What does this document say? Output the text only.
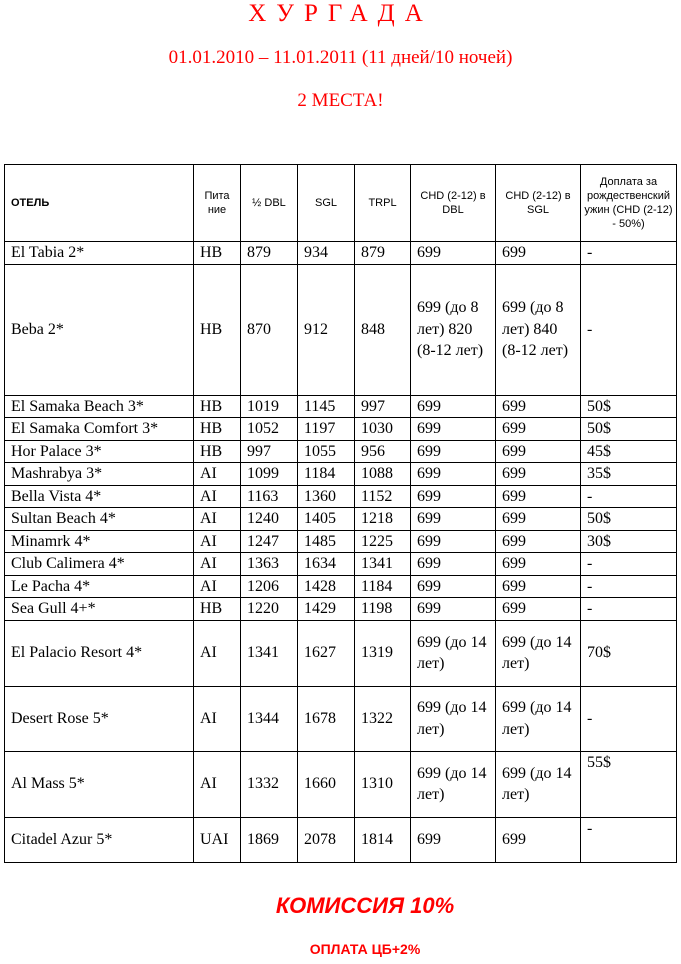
ХУРГАДА
01.01.2010 – 11.01.2011 (11 дней/10 ночей)
2 МЕСТА!
ОТЕЛЬ	Пита ние	½ DBL	SGL	TRPL	CHD (2-12) в DBL	CHD (2-12) в SGL	Доплата за рождественский ужин (CHD (2-12) - 50%)
El Tabia 2*	HB	879	934	879	699	699	-
Beba 2*	HB	870	912	848	699 (до 8 лет) 820 (8-12 лет)	699 (до 8 лет) 840 (8-12 лет)	-
El Samaka Beach 3*	HB	1019	1145	997	699	699	50$
El Samaka Comfort 3*	HB	1052	1197	1030	699	699	50$
Hor Palace 3*	HB	997	1055	956	699	699	45$
Mashrabya 3*	AI	1099	1184	1088	699	699	35$
Bella Vista 4*	AI	1163	1360	1152	699	699	-
Sultan Beach 4*	AI	1240	1405	1218	699	699	50$
Minamrk 4*	AI	1247	1485	1225	699	699	30$
Club Calimera 4*	AI	1363	1634	1341	699	699	-
Le Pacha 4*	AI	1206	1428	1184	699	699	-
Sea Gull 4+*	HB	1220	1429	1198	699	699	-
El Palacio Resort 4*	AI	1341	1627	1319	699 (до 14 лет)	699 (до 14 лет)	70$
Desert Rose 5*	AI	1344	1678	1322	699 (до 14 лет)	699 (до 14 лет)	-
Al Mass 5*	AI	1332	1660	1310	699 (до 14 лет)	699 (до 14 лет)	55$
Citadel Azur 5*	UAI	1869	2078	1814	699	699	-
КОМИССИЯ 10%
ОПЛАТА ЦБ+2%
